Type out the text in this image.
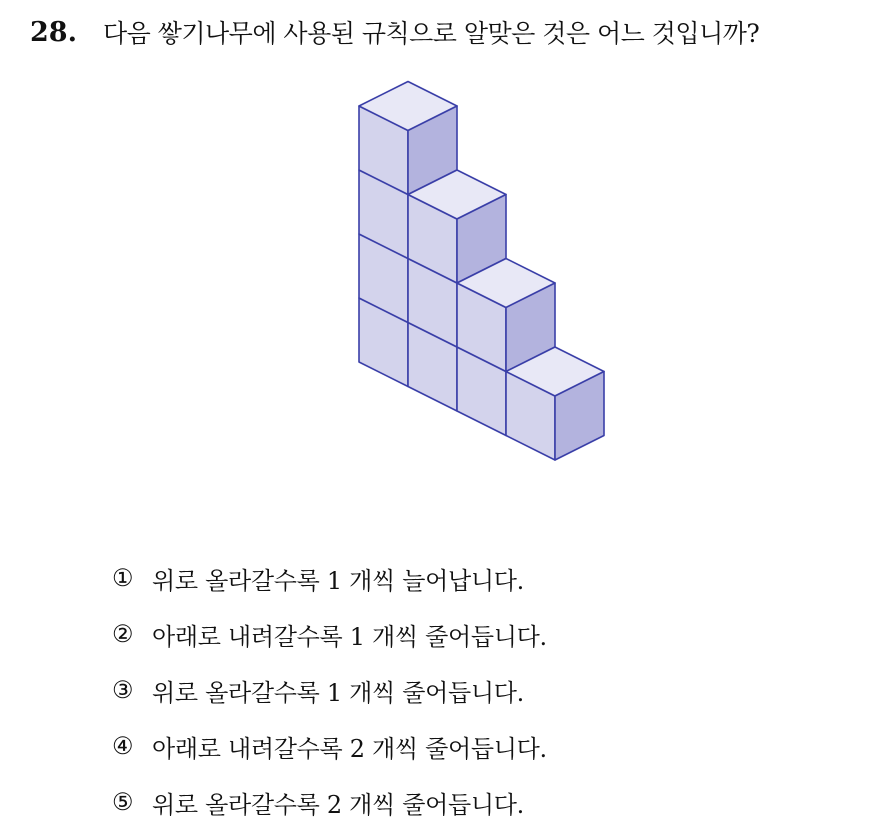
28. 다음 쌓기나무에 사용된 규칙으로 알맞은 것은 어느 것입니까?
① 위로 올라갈수록 1 개씩 늘어납니다.
② 아래로 내려갈수록 1 개씩 줄어듭니다.
③ 위로 올라갈수록 1 개씩 줄어듭니다.
④ 아래로 내려갈수록 2 개씩 줄어듭니다.
⑤ 위로 올라갈수록 2 개씩 줄어듭니다.
